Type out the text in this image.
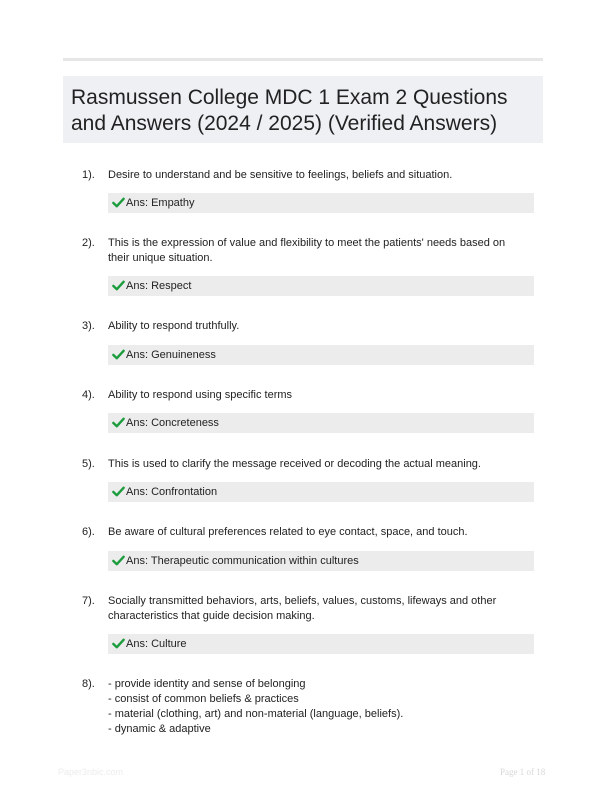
Rasmussen College MDC 1 Exam 2 Questions and Answers (2024 / 2025) (Verified Answers)
1). Desire to understand and be sensitive to feelings, beliefs and situation.
Ans: Empathy
2). This is the expression of value and flexibility to meet the patients' needs based on their unique situation.
Ans: Respect
3). Ability to respond truthfully.
Ans: Genuineness
4). Ability to respond using specific terms
Ans: Concreteness
5). This is used to clarify the message received or decoding the actual meaning.
Ans: Confrontation
6). Be aware of cultural preferences related to eye contact, space, and touch.
Ans: Therapeutic communication within cultures
7). Socially transmitted behaviors, arts, beliefs, values, customs, lifeways and other characteristics that guide decision making.
Ans: Culture
8). - provide identity and sense of belonging
- consist of common beliefs & practices
- material (clothing, art) and non-material (language, beliefs).
- dynamic & adaptive
Paper3nbic.com	Page 1 of 18
